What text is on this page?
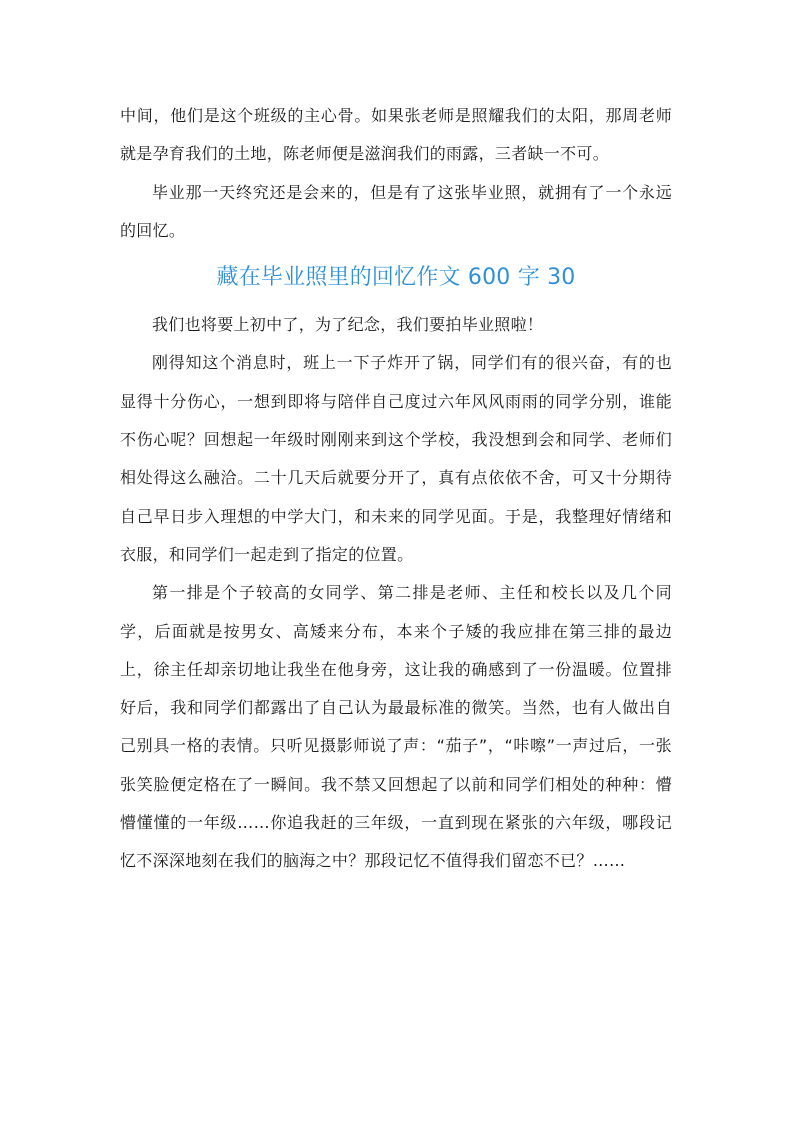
中间，他们是这个班级的主心骨。如果张老师是照耀我们的太阳，那周老师就是孕育我们的土地，陈老师便是滋润我们的雨露，三者缺一不可。

毕业那一天终究还是会来的，但是有了这张毕业照，就拥有了一个永远的回忆。

藏在毕业照里的回忆作文 600 字 30

我们也将要上初中了，为了纪念，我们要拍毕业照啦！

刚得知这个消息时，班上一下子炸开了锅，同学们有的很兴奋，有的也显得十分伤心，一想到即将与陪伴自己度过六年风风雨雨的同学分别，谁能不伤心呢？回想起一年级时刚刚来到这个学校，我没想到会和同学、老师们相处得这么融洽。二十几天后就要分开了，真有点依依不舍，可又十分期待自己早日步入理想的中学大门，和未来的同学见面。于是，我整理好情绪和衣服，和同学们一起走到了指定的位置。

第一排是个子较高的女同学、第二排是老师、主任和校长以及几个同学，后面就是按男女、高矮来分布，本来个子矮的我应排在第三排的最边上，徐主任却亲切地让我坐在他身旁，这让我的确感到了一份温暖。位置排好后，我和同学们都露出了自己认为最最标准的微笑。当然，也有人做出自己别具一格的表情。只听见摄影师说了声：“茄子”，“咔嚓”一声过后，一张张笑脸便定格在了一瞬间。我不禁又回想起了以前和同学们相处的种种：懵懵懂懂的一年级……你追我赶的三年级，一直到现在紧张的六年级，哪段记忆不深深地刻在我们的脑海之中？那段记忆不值得我们留恋不已？……
